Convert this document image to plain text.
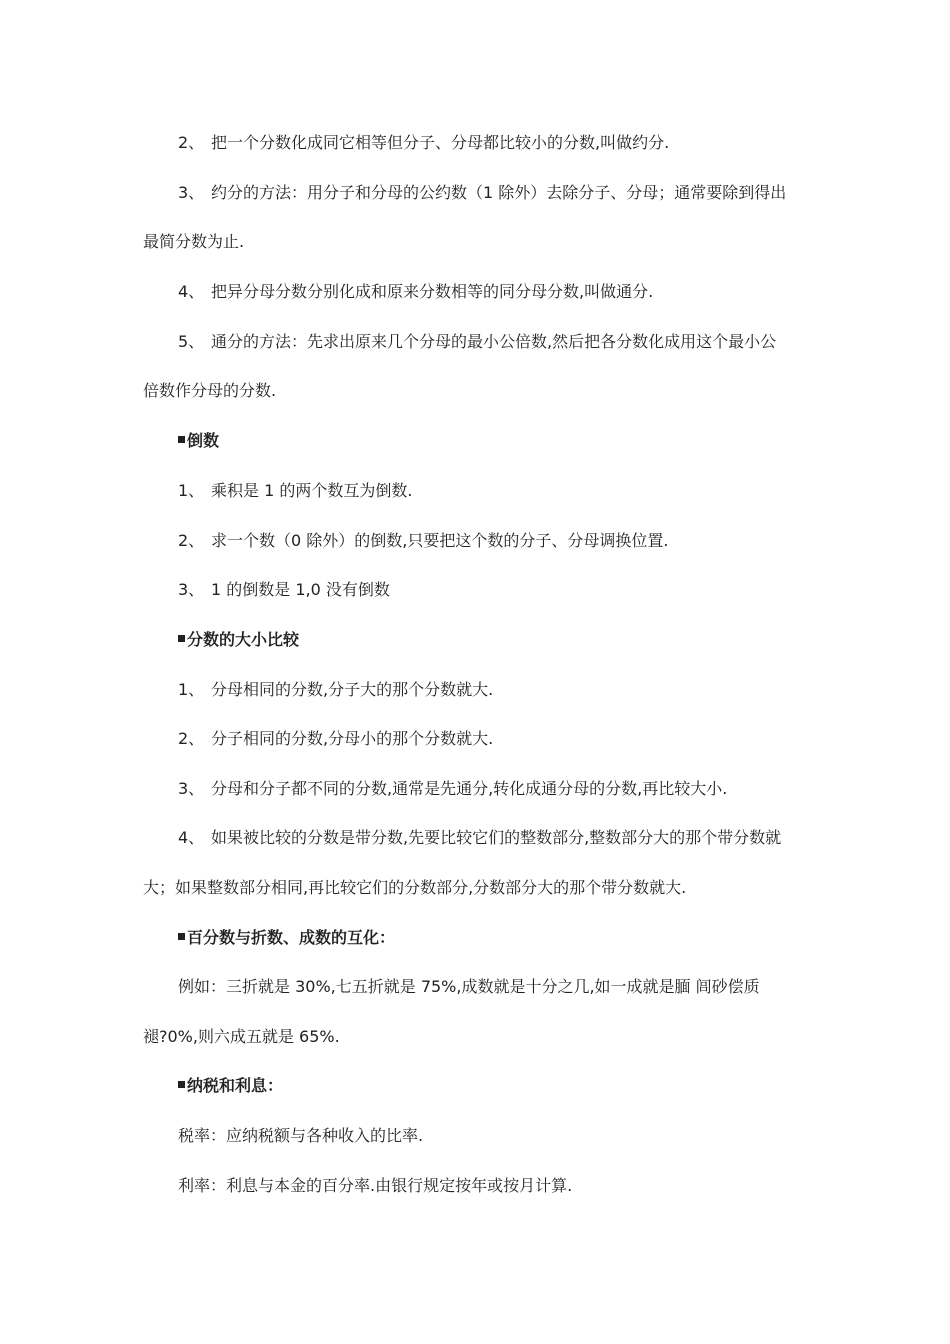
2、 把一个分数化成同它相等但分子、分母都比较小的分数,叫做约分.
3、 约分的方法：用分子和分母的公约数（1 除外）去除分子、分母；通常要除到得出
最简分数为止.
4、 把异分母分数分别化成和原来分数相等的同分母分数,叫做通分.
5、 通分的方法：先求出原来几个分母的最小公倍数,然后把各分数化成用这个最小公
倍数作分母的分数.
倒数
1、 乘积是 1 的两个数互为倒数.
2、 求一个数（0 除外）的倒数,只要把这个数的分子、分母调换位置.
3、 1 的倒数是 1,0 没有倒数
分数的大小比较
1、 分母相同的分数,分子大的那个分数就大.
2、 分子相同的分数,分母小的那个分数就大.
3、 分母和分子都不同的分数,通常是先通分,转化成通分母的分数,再比较大小.
4、 如果被比较的分数是带分数,先要比较它们的整数部分,整数部分大的那个带分数就
大；如果整数部分相同,再比较它们的分数部分,分数部分大的那个带分数就大.
百分数与折数、成数的互化：
例如：三折就是 30%,七五折就是 75%,成数就是十分之几,如一成就是腼 闾砂偿质
褪?0%,则六成五就是 65%.
纳税和利息：
税率：应纳税额与各种收入的比率.
利率：利息与本金的百分率.由银行规定按年或按月计算.
